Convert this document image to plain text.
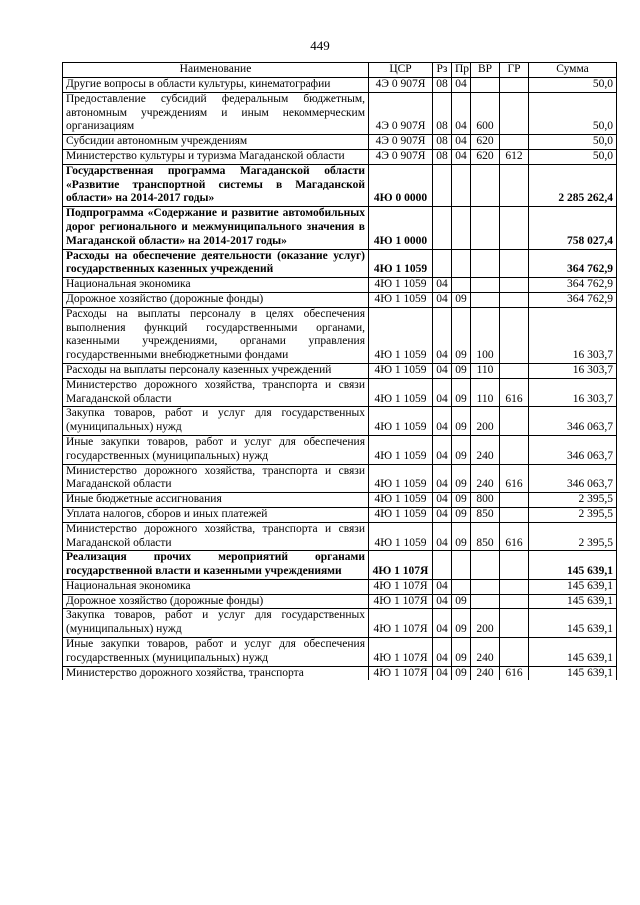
449
Наименование	ЦСР	Рз	Пр	ВР	ГР	Сумма
Другие вопросы в области культуры, кинематографии	4Э 0 907Я	08	04			50,0
Предоставление субсидий федеральным бюджетным, автономным учреждениям и иным некоммерческим организациям	4Э 0 907Я	08	04	600		50,0
Субсидии автономным учреждениям	4Э 0 907Я	08	04	620		50,0
Министерство культуры и туризма Магаданской области	4Э 0 907Я	08	04	620	612	50,0
Государственная программа Магаданской области «Развитие транспортной системы в Магаданской области» на 2014-2017 годы»	4Ю 0 0000					2 285 262,4
Подпрограмма «Содержание и развитие автомобильных дорог регионального и межмуниципального значения в Магаданской области» на 2014-2017 годы»	4Ю 1 0000					758 027,4
Расходы на обеспечение деятельности (оказание услуг) государственных казенных учреждений	4Ю 1 1059					364 762,9
Национальная экономика	4Ю 1 1059	04				364 762,9
Дорожное хозяйство (дорожные фонды)	4Ю 1 1059	04	09			364 762,9
Расходы на выплаты персоналу в целях обеспечения выполнения функций государственными органами, казенными учреждениями, органами управления государственными внебюджетными фондами	4Ю 1 1059	04	09	100		16 303,7
Расходы на выплаты персоналу казенных учреждений	4Ю 1 1059	04	09	110		16 303,7
Министерство дорожного хозяйства, транспорта и связи Магаданской области	4Ю 1 1059	04	09	110	616	16 303,7
Закупка товаров, работ и услуг для государственных (муниципальных) нужд	4Ю 1 1059	04	09	200		346 063,7
Иные закупки товаров, работ и услуг для обеспечения государственных (муниципальных) нужд	4Ю 1 1059	04	09	240		346 063,7
Министерство дорожного хозяйства, транспорта и связи Магаданской области	4Ю 1 1059	04	09	240	616	346 063,7
Иные бюджетные ассигнования	4Ю 1 1059	04	09	800		2 395,5
Уплата налогов, сборов и иных платежей	4Ю 1 1059	04	09	850		2 395,5
Министерство дорожного хозяйства, транспорта и связи Магаданской области	4Ю 1 1059	04	09	850	616	2 395,5
Реализация прочих мероприятий органами государственной власти и казенными учреждениями	4Ю 1 107Я					145 639,1
Национальная экономика	4Ю 1 107Я	04				145 639,1
Дорожное хозяйство (дорожные фонды)	4Ю 1 107Я	04	09			145 639,1
Закупка товаров, работ и услуг для государственных (муниципальных) нужд	4Ю 1 107Я	04	09	200		145 639,1
Иные закупки товаров, работ и услуг для обеспечения государственных (муниципальных) нужд	4Ю 1 107Я	04	09	240		145 639,1
Министерство дорожного хозяйства, транспорта	4Ю 1 107Я	04	09	240	616	145 639,1
